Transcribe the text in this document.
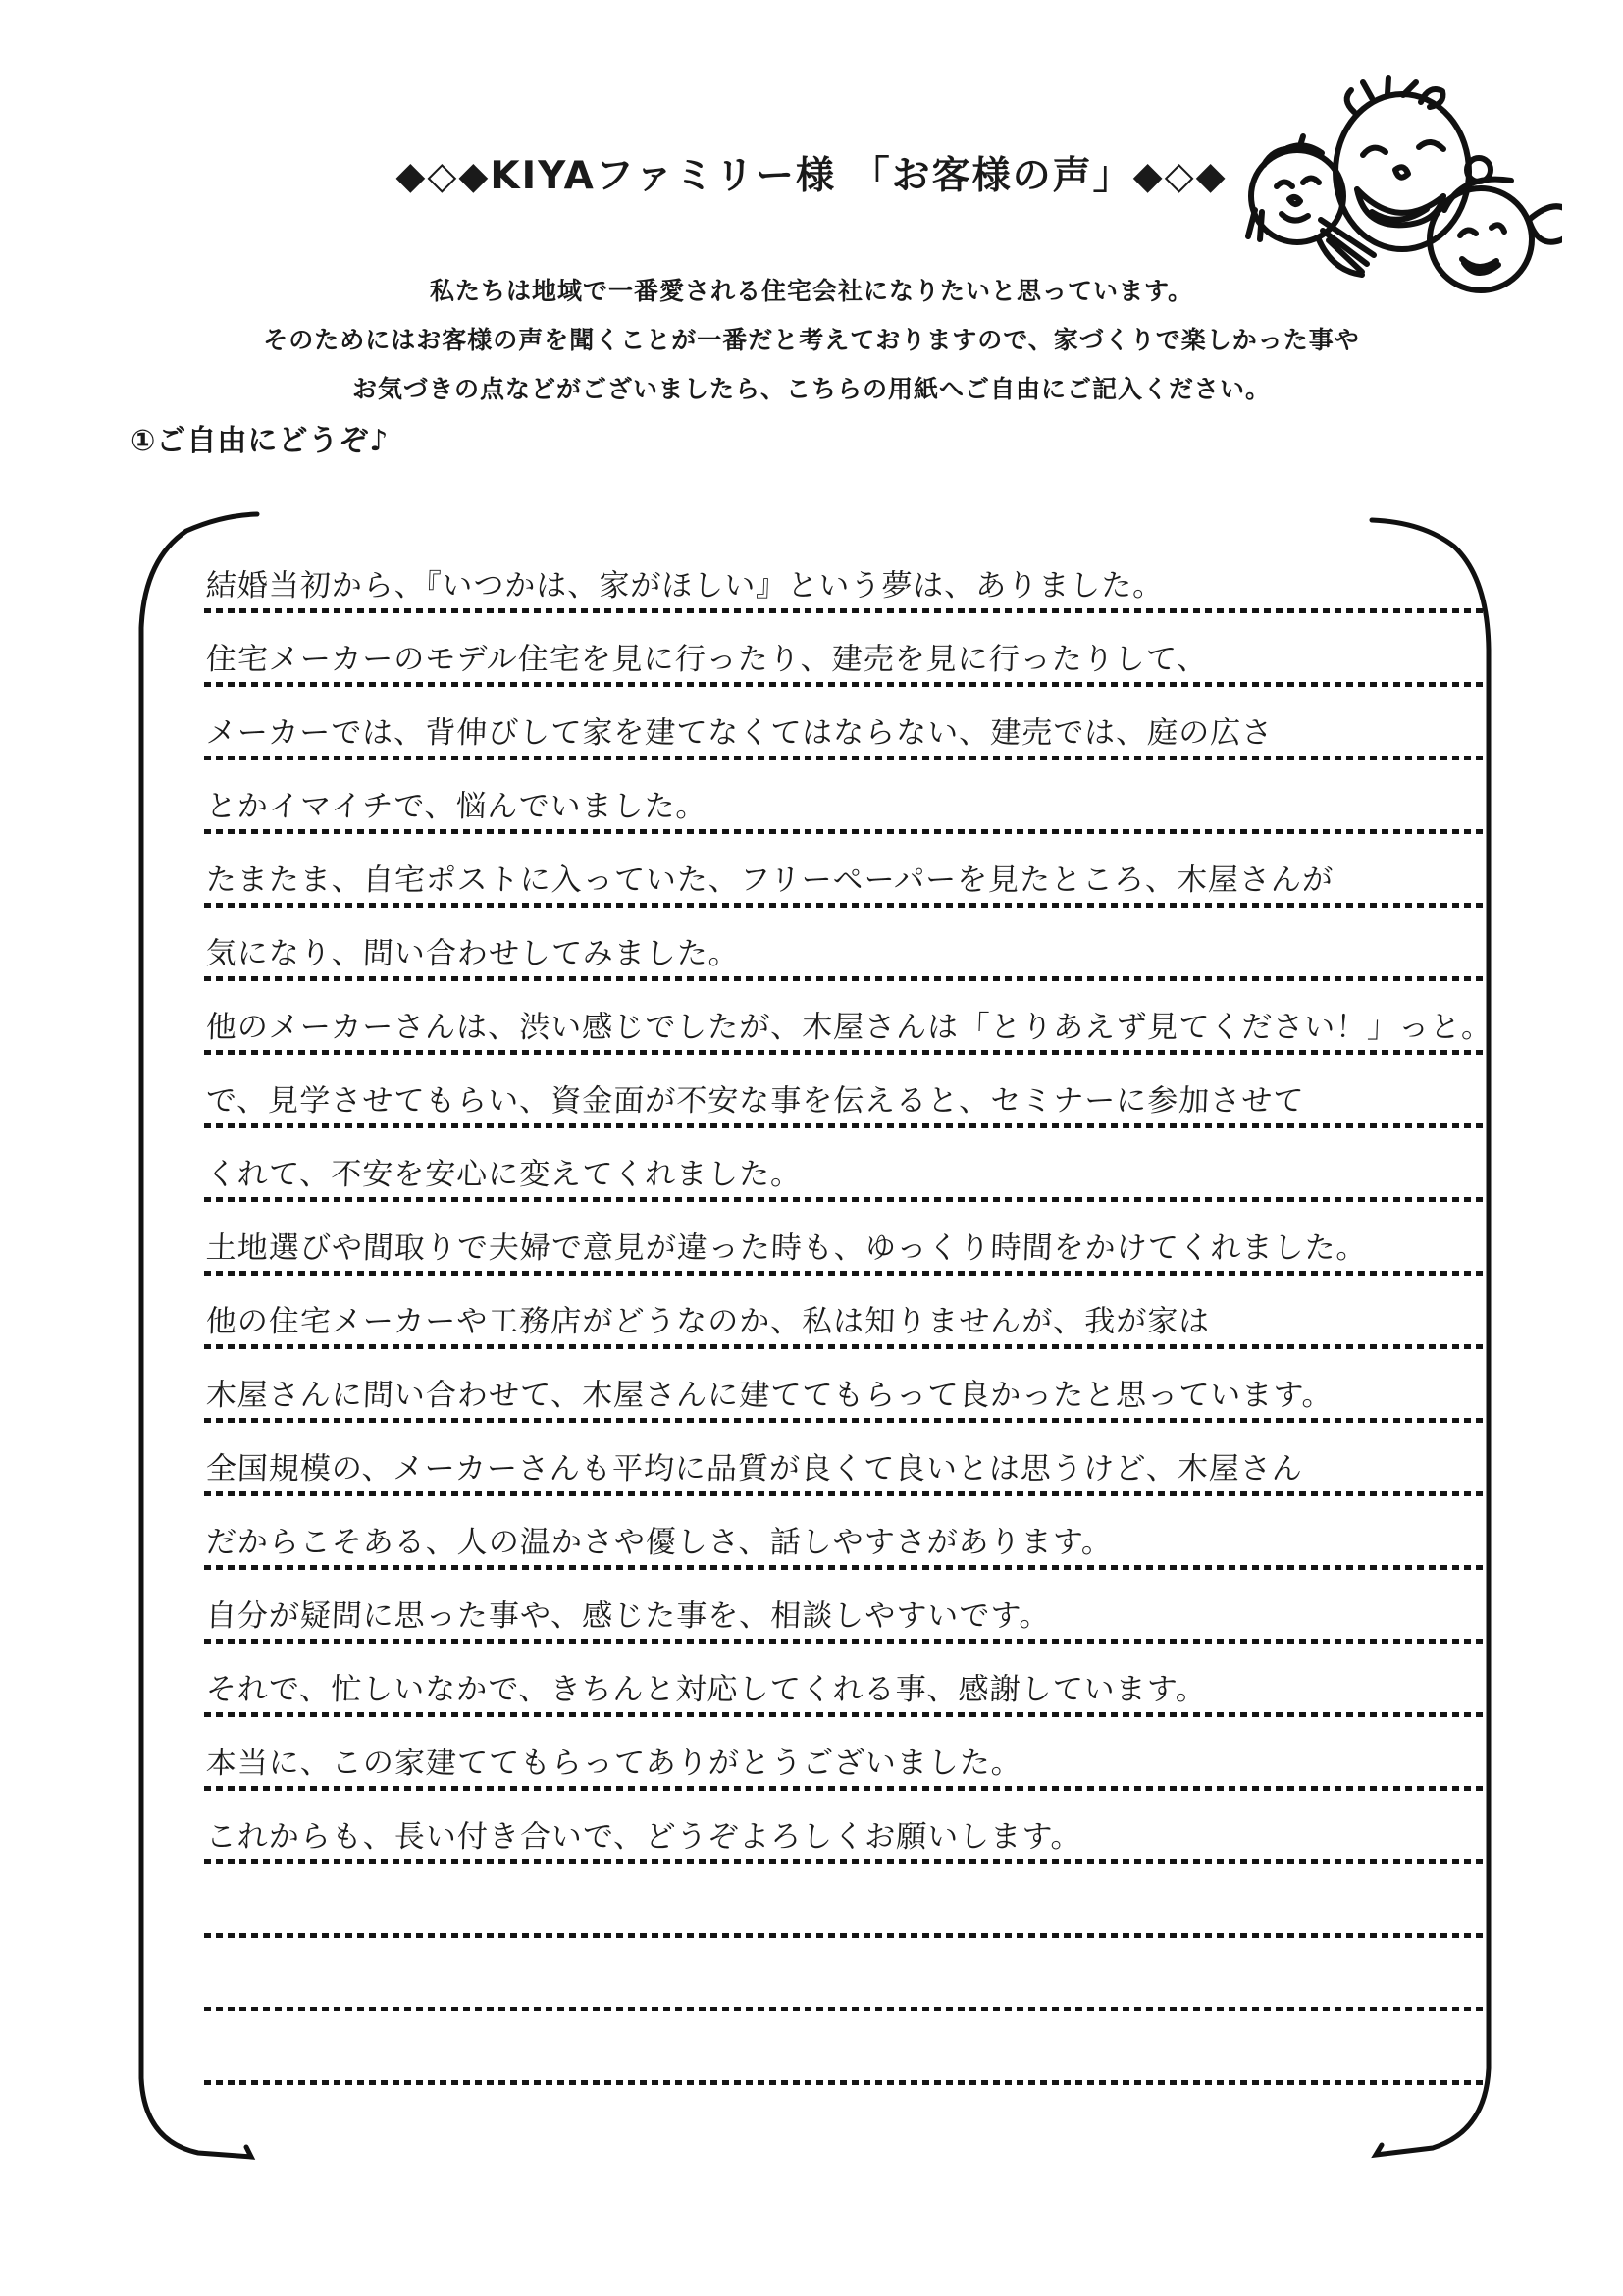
◆◇◆KIYAファミリー様 「お客様の声」◆◇◆
私たちは地域で一番愛される住宅会社になりたいと思っています。
そのためにはお客様の声を聞くことが一番だと考えておりますので、家づくりで楽しかった事や
お気づきの点などがございましたら、こちらの用紙へご自由にご記入ください。
①ご自由にどうぞ♪
結婚当初から、『いつかは、家がほしい』という夢は、ありました。
住宅メーカーのモデル住宅を見に行ったり、建売を見に行ったりして、
メーカーでは、背伸びして家を建てなくてはならない、建売では、庭の広さ
とかイマイチで、悩んでいました。
たまたま、自宅ポストに入っていた、フリーペーパーを見たところ、木屋さんが
気になり、問い合わせしてみました。
他のメーカーさんは、渋い感じでしたが、木屋さんは「とりあえず見てください！」っと。
で、見学させてもらい、資金面が不安な事を伝えると、セミナーに参加させて
くれて、不安を安心に変えてくれました。
土地選びや間取りで夫婦で意見が違った時も、ゆっくり時間をかけてくれました。
他の住宅メーカーや工務店がどうなのか、私は知りませんが、我が家は
木屋さんに問い合わせて、木屋さんに建ててもらって良かったと思っています。
全国規模の、メーカーさんも平均に品質が良くて良いとは思うけど、木屋さん
だからこそある、人の温かさや優しさ、話しやすさがあります。
自分が疑問に思った事や、感じた事を、相談しやすいです。
それで、忙しいなかで、きちんと対応してくれる事、感謝しています。
本当に、この家建ててもらってありがとうございました。
これからも、長い付き合いで、どうぞよろしくお願いします。
